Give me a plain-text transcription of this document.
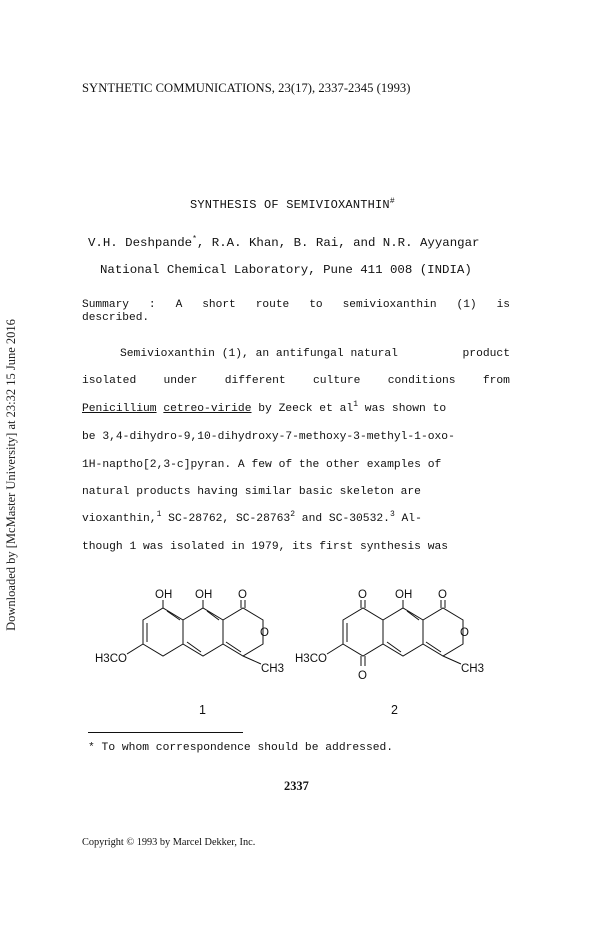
Downloaded by [McMaster University] at 23:32 15 June 2016
SYNTHETIC COMMUNICATIONS, 23(17), 2337-2345 (1993)
SYNTHESIS OF SEMIVIOXANTHIN#
V.H. Deshpande*, R.A. Khan, B. Rai, and N.R. Ayyangar
National Chemical Laboratory, Pune 411 008 (INDIA)
Summary : A short route to semivioxanthin (1) is
described.
Semivioxanthin (1), an antifungal natural	product
isolated under different culture conditions from
Penicillium cetreo-viride by Zeeck et $al^1$ was shown to
be 3,4-dihydro-9,10-dihydroxy-7-methoxy-3-methyl-1-oxo-
1H-naptho[2,3-c]pyran. A few of the other examples of
natural products having similar basic skeleton are
vioxanthin,$^1$ SC-28762, SC-28763$^2$ and SC-30532.$^3$ Al-
though 1 was isolated in 1979, its first synthesis was
OH OH O
O
H3CO
CH3
1
O OH O
O
O
H3CO
CH3
2
* To whom correspondence should be addressed.
2337
Copyright © 1993 by Marcel Dekker, Inc.
